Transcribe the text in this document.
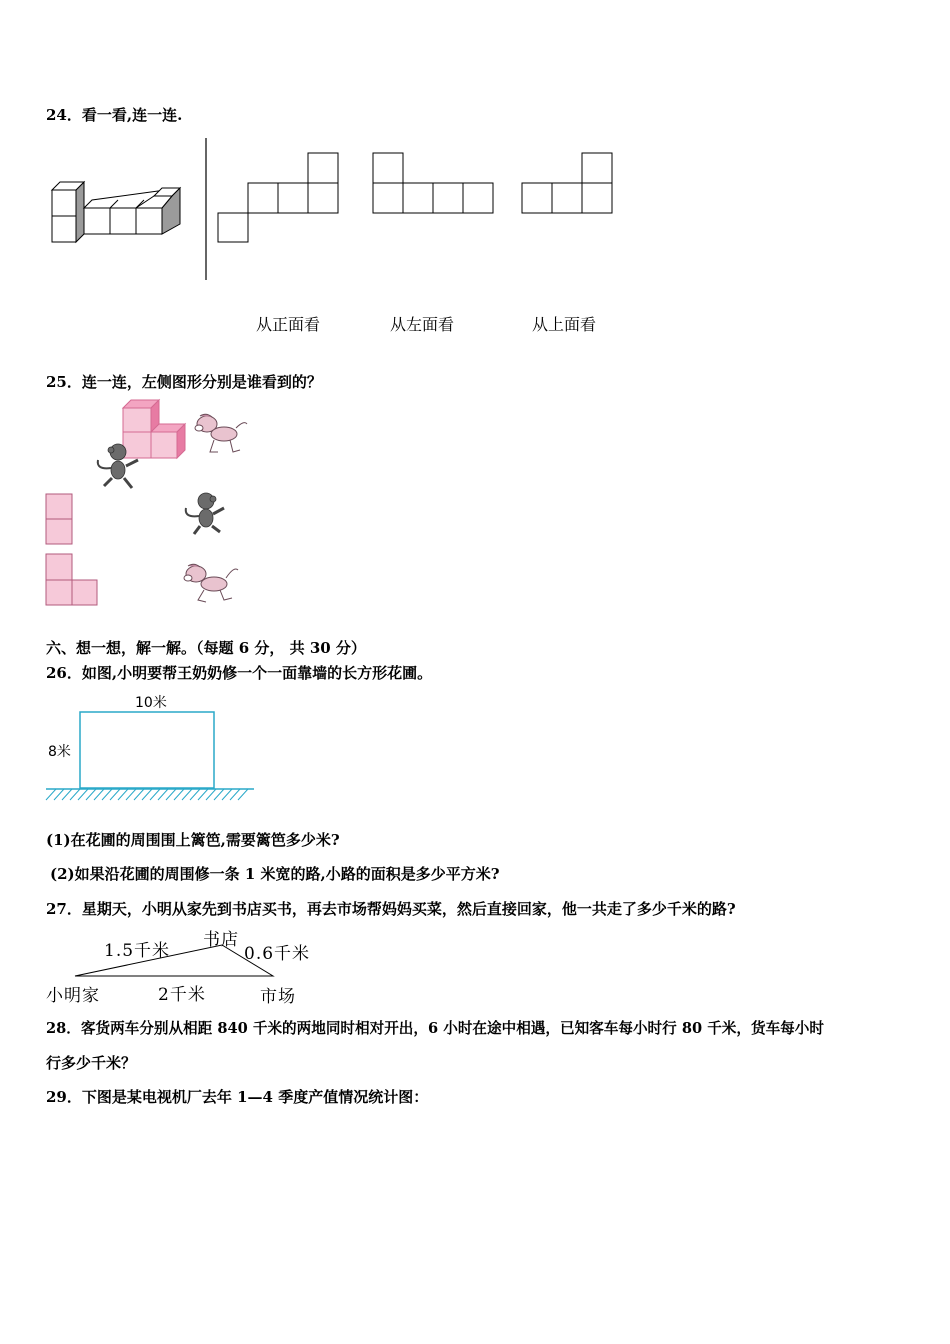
24．看一看,连一连.
从正面看	从左面看	从上面看
25．连一连，左侧图形分别是谁看到的？
六、想一想，解一解。（每题 6 分， 共 30 分）
26．如图,小明要帮王奶奶修一个一面靠墙的长方形花圃。
10米
8米
(1)在花圃的周围围上篱笆,需要篱笆多少米?
(2)如果沿花圃的周围修一条 1 米宽的路,小路的面积是多少平方米?
27．星期天，小明从家先到书店买书，再去市场帮妈妈买菜，然后直接回家，他一共走了多少千米的路?
1.5千米
书店
0.6千米
小明家	2千米	市场
28．客货两车分别从相距 840 千米的两地同时相对开出，6 小时在途中相遇，已知客车每小时行 80 千米，货车每小时
行多少千米？
29．下图是某电视机厂去年 1—4 季度产值情况统计图：
